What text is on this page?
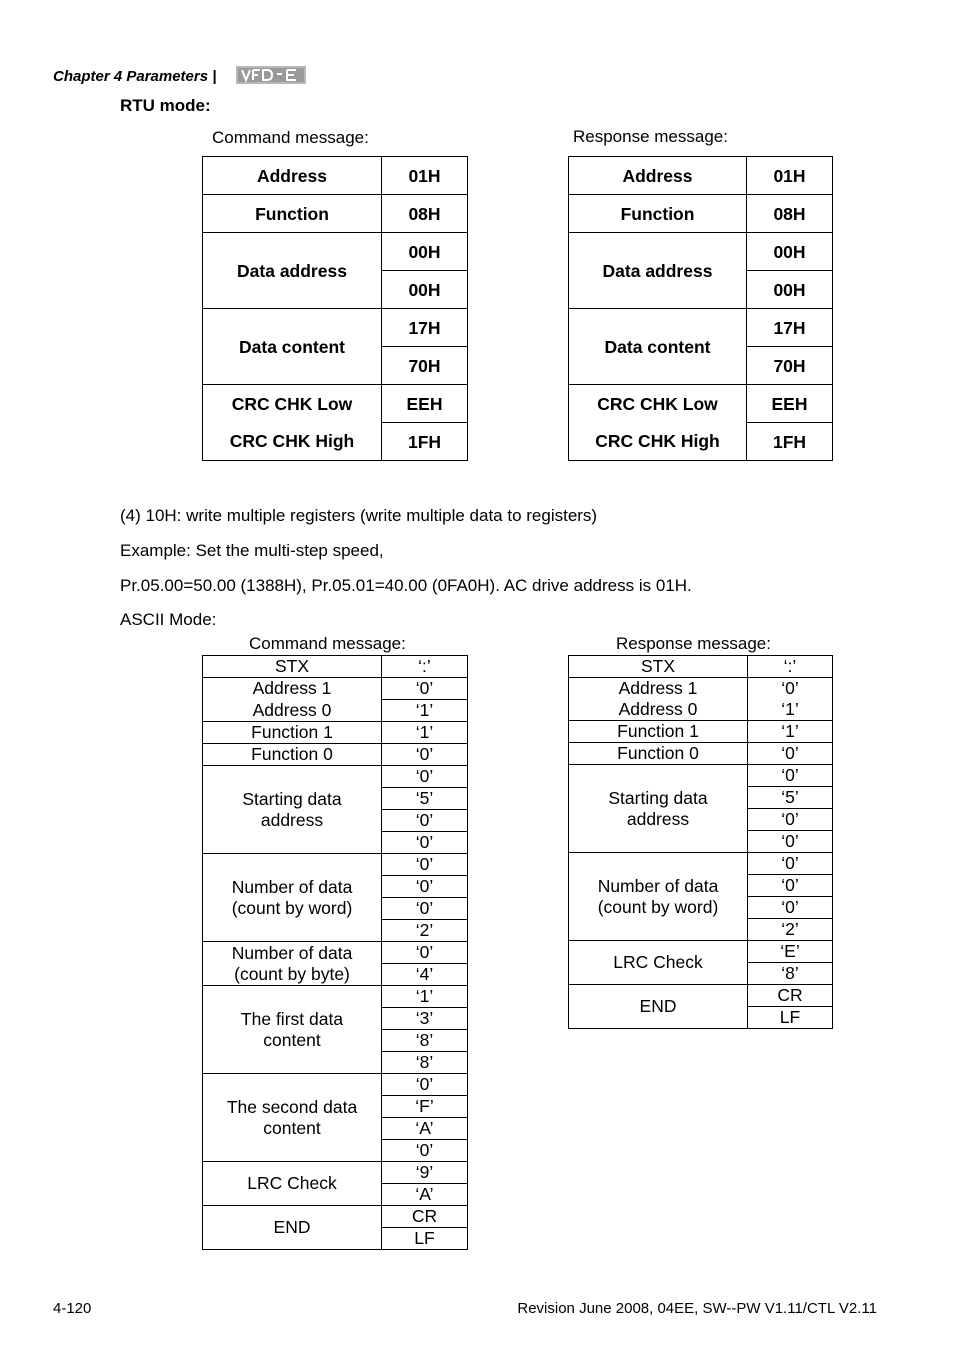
Chapter 4 Parameters |
RTU mode:
Command message:	Response message:
Address	01H
Function	08H
Data address	00H
	00H
Data content	17H
	70H
CRC CHK Low	EEH
CRC CHK High	1FH
Address	01H
Function	08H
Data address	00H
	00H
Data content	17H
	70H
CRC CHK Low	EEH
CRC CHK High	1FH
(4) 10H: write multiple registers (write multiple data to registers)
Example: Set the multi-step speed,
Pr.05.00=50.00 (1388H), Pr.05.01=40.00 (0FA0H). AC drive address is 01H.
ASCII Mode:
Command message:	Response message:
STX	‘:’
Address 1	‘0’
Address 0	‘1’
Function 1	‘1’
Function 0	‘0’
Starting data
address	‘0’
	‘5’
	‘0’
	‘0’
Number of data
(count by word)	‘0’
	‘0’
	‘0’
	‘2’
Number of data
(count by byte)	‘0’
	‘4’
The first data
content	‘1’
	‘3’
	‘8’
	‘8’
The second data
content	‘0’
	‘F’
	‘A’
	‘0’
LRC Check	‘9’
	‘A’
END	CR
	LF
STX	‘:’
Address 1	‘0’
Address 0	‘1’
Function 1	‘1’
Function 0	‘0’
Starting data
address	‘0’
	‘5’
	‘0’
	‘0’
Number of data
(count by word)	‘0’
	‘0’
	‘0’
	‘2’
LRC Check	‘E’
	‘8’
END	CR
	LF
4-120	Revision June 2008, 04EE, SW--PW V1.11/CTL V2.11
